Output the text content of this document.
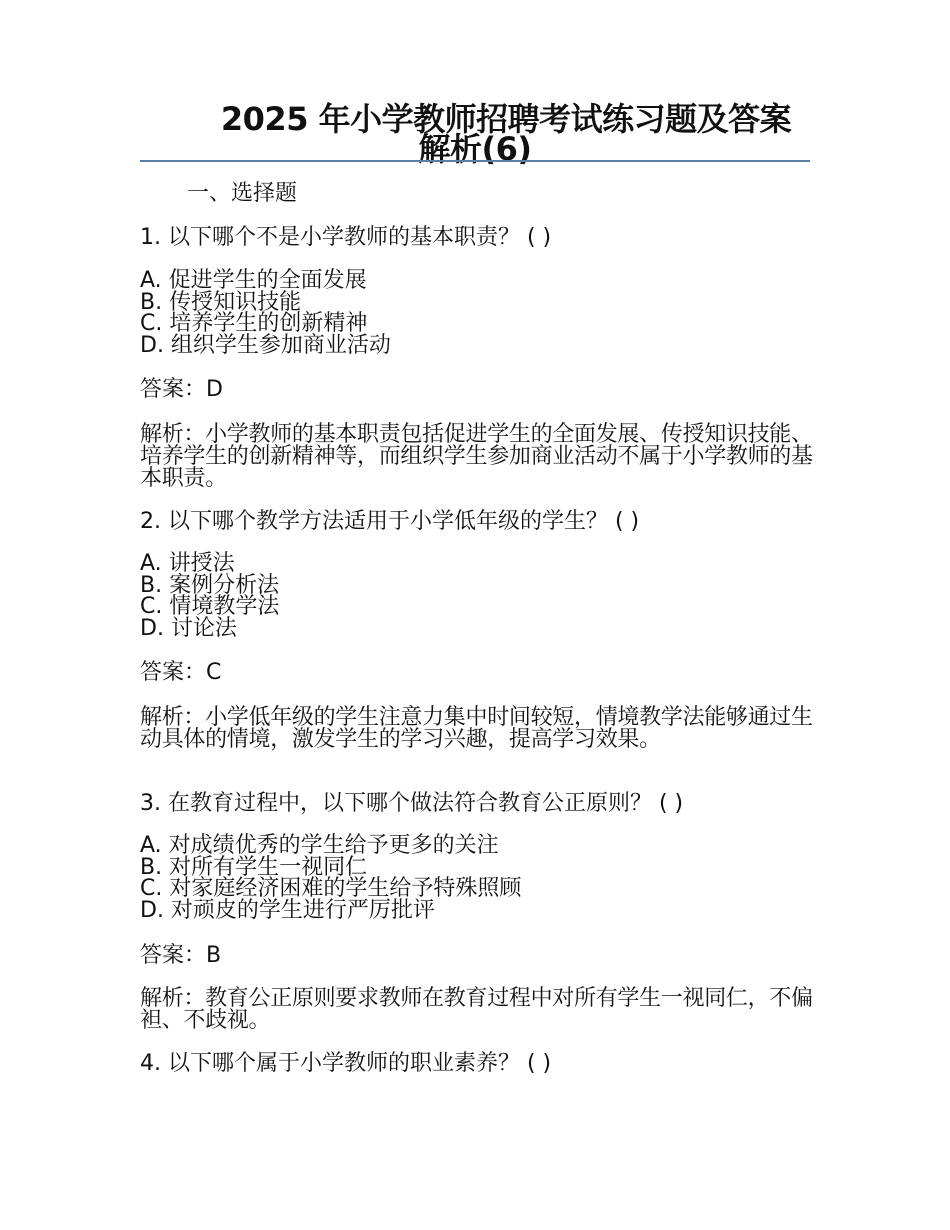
2025 年小学教师招聘考试练习题及答案
解析(6)
一、选择题
1. 以下哪个不是小学教师的基本职责？ ( )
A. 促进学生的全面发展
B. 传授知识技能
C. 培养学生的创新精神
D. 组织学生参加商业活动
答案：D
解析：小学教师的基本职责包括促进学生的全面发展、传授知识技能、培养学生的创新精神等，而组织学生参加商业活动不属于小学教师的基本职责。
2. 以下哪个教学方法适用于小学低年级的学生？ ( )
A. 讲授法
B. 案例分析法
C. 情境教学法
D. 讨论法
答案：C
解析：小学低年级的学生注意力集中时间较短，情境教学法能够通过生动具体的情境，激发学生的学习兴趣，提高学习效果。
3. 在教育过程中，以下哪个做法符合教育公正原则？ ( )
A. 对成绩优秀的学生给予更多的关注
B. 对所有学生一视同仁
C. 对家庭经济困难的学生给予特殊照顾
D. 对顽皮的学生进行严厉批评
答案：B
解析：教育公正原则要求教师在教育过程中对所有学生一视同仁，不偏袒、不歧视。
4. 以下哪个属于小学教师的职业素养？ ( )
